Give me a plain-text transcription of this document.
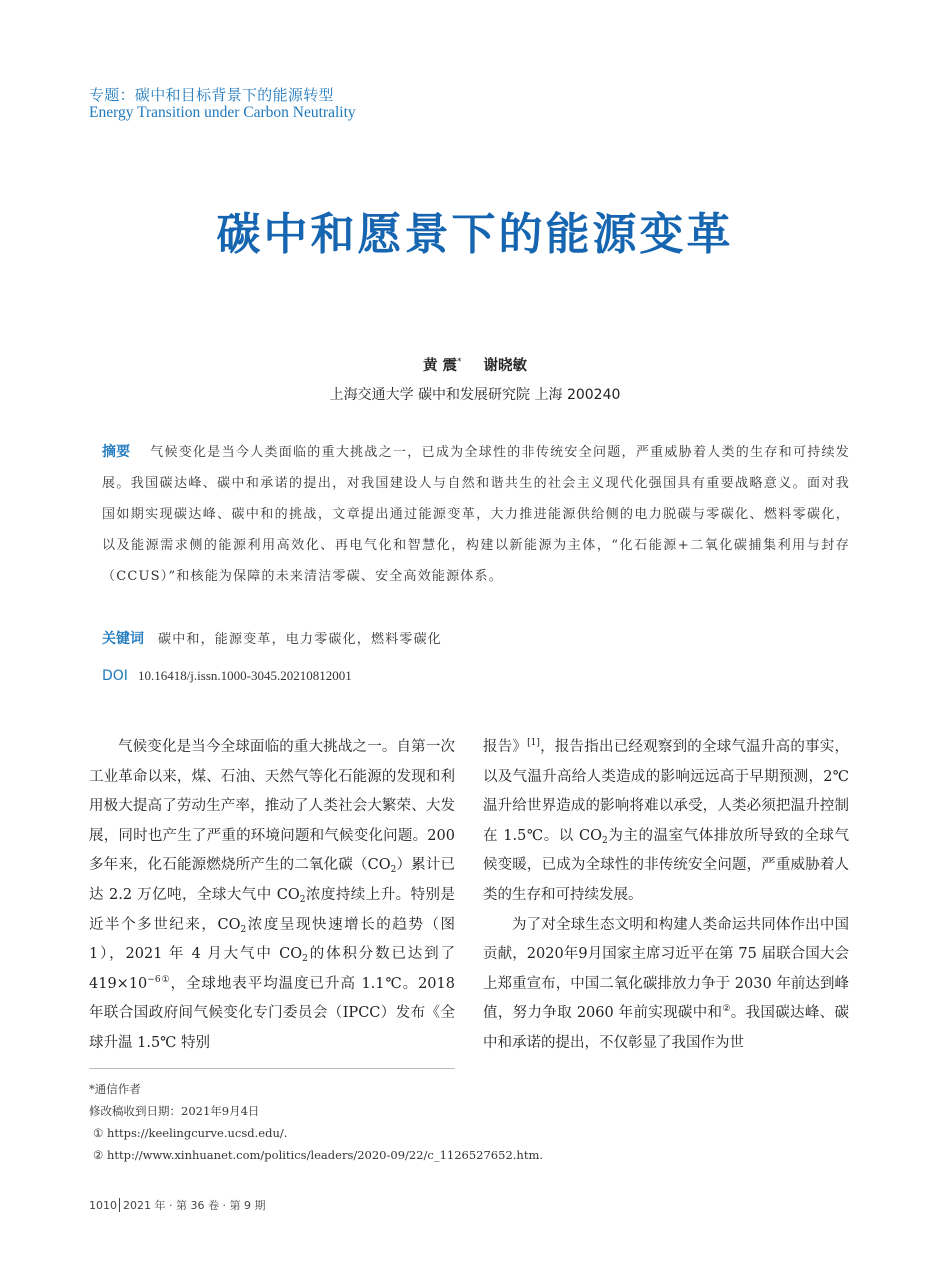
专题：碳中和目标背景下的能源转型
Energy Transition under Carbon Neutrality
碳中和愿景下的能源变革
黄 震* 谢晓敏
上海交通大学 碳中和发展研究院 上海 200240
摘要 气候变化是当今人类面临的重大挑战之一，已成为全球性的非传统安全问题，严重威胁着人类的生存和可持续发展。我国碳达峰、碳中和承诺的提出，对我国建设人与自然和谐共生的社会主义现代化强国具有重要战略意义。面对我国如期实现碳达峰、碳中和的挑战，文章提出通过能源变革，大力推进能源供给侧的电力脱碳与零碳化、燃料零碳化，以及能源需求侧的能源利用高效化、再电气化和智慧化，构建以新能源为主体，“化石能源+二氧化碳捕集利用与封存（CCUS）”和核能为保障的未来清洁零碳、安全高效能源体系。
关键词 碳中和，能源变革，电力零碳化，燃料零碳化
DOI 10.16418/j.issn.1000-3045.20210812001

气候变化是当今全球面临的重大挑战之一。自第一次工业革命以来，煤、石油、天然气等化石能源的发现和利用极大提高了劳动生产率，推动了人类社会大繁荣、大发展，同时也产生了严重的环境问题和气候变化问题。200 多年来，化石能源燃烧所产生的二氧化碳$(CO_2)$累计已达 2.2 万亿吨，全球大气中 $CO_2$浓度持续上升。特别是近半个多世纪来，$CO_2$浓度呈现快速增长的趋势（图 1），2021 年 4 月大气中 $CO_2$的体积分数已达到了 $419\times 10^{-6①}$，全球地表平均温度已升高 1.1℃。2018 年联合国政府间气候变化专门委员会（IPCC）发布《全球升温 1.5℃ 特别

报告》[1]，报告指出已经观察到的全球气温升高的事实，以及气温升高给人类造成的影响远远高于早期预测，2℃ 温升给世界造成的影响将难以承受，人类必须把温升控制在 1.5℃。以 $CO_2$为主的温室气体排放所导致的全球气候变暖，已成为全球性的非传统安全问题，严重威胁着人类的生存和可持续发展。

为了对全球生态文明和构建人类命运共同体作出中国贡献，2020年9月国家主席习近平在第 75 届联合国大会上郑重宣布，中国二氧化碳排放力争于 2030 年前达到峰值，努力争取 2060 年前实现碳中和②。我国碳达峰、碳中和承诺的提出，不仅彰显了我国作为世

*通信作者
修改稿收到日期：2021年9月4日
① https://keelingcurve.ucsd.edu/.
② http://www.xinhuanet.com/politics/leaders/2020-09/22/c_1126527652.htm.
1010 2021 年 · 第 36 卷 · 第 9 期
